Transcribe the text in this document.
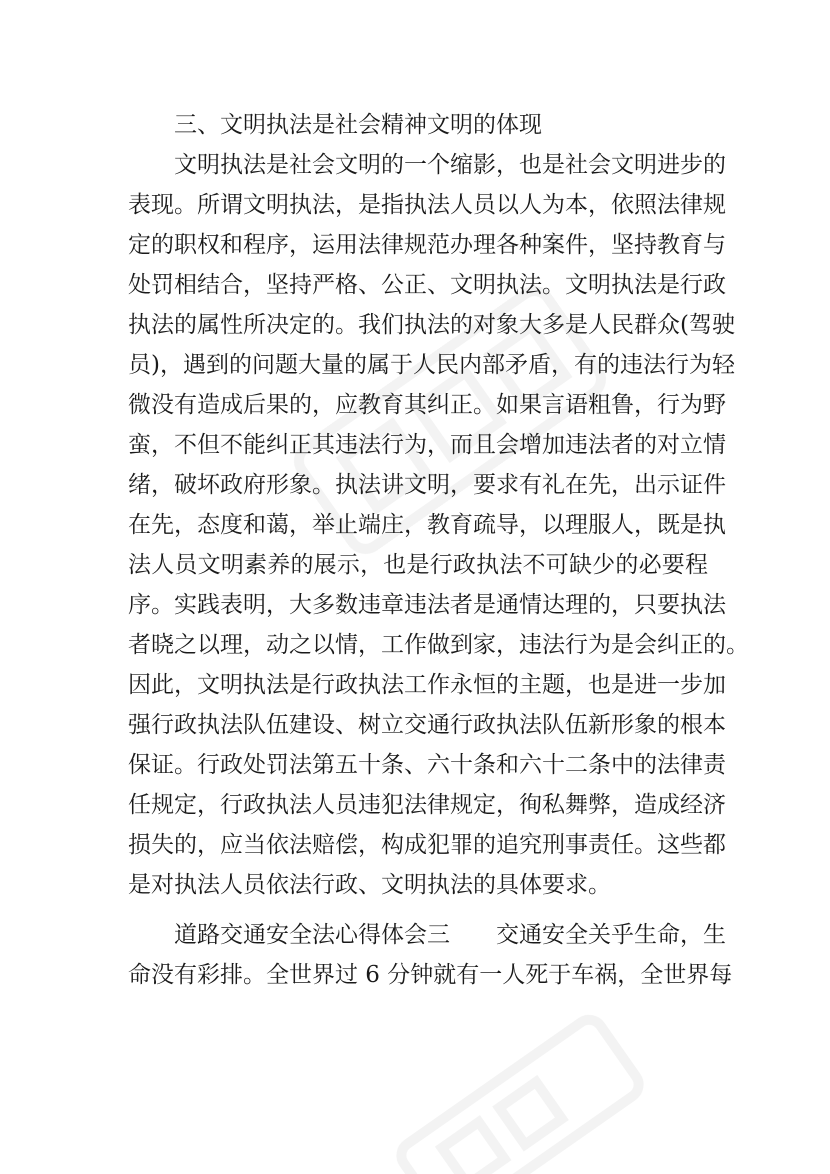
三、文明执法是社会精神文明的体现
文明执法是社会文明的一个缩影，也是社会文明进步的
表现。所谓文明执法，是指执法人员以人为本，依照法律规
定的职权和程序，运用法律规范办理各种案件，坚持教育与
处罚相结合，坚持严格、公正、文明执法。文明执法是行政
执法的属性所决定的。我们执法的对象大多是人民群众(驾驶
员)，遇到的问题大量的属于人民内部矛盾，有的违法行为轻
微没有造成后果的，应教育其纠正。如果言语粗鲁，行为野
蛮，不但不能纠正其违法行为，而且会增加违法者的对立情
绪，破坏政府形象。执法讲文明，要求有礼在先，出示证件
在先，态度和蔼，举止端庄，教育疏导，以理服人，既是执
法人员文明素养的展示，也是行政执法不可缺少的必要程
序。实践表明，大多数违章违法者是通情达理的，只要执法
者晓之以理，动之以情，工作做到家，违法行为是会纠正的。
因此，文明执法是行政执法工作永恒的主题，也是进一步加
强行政执法队伍建设、树立交通行政执法队伍新形象的根本
保证。行政处罚法第五十条、六十条和六十二条中的法律责
任规定，行政执法人员违犯法律规定，徇私舞弊，造成经济
损失的，应当依法赔偿，构成犯罪的追究刑事责任。这些都
是对执法人员依法行政、文明执法的具体要求。
道路交通安全法心得体会三　　交通安全关乎生命，生
命没有彩排。全世界过 6 分钟就有一人死于车祸，全世界每
